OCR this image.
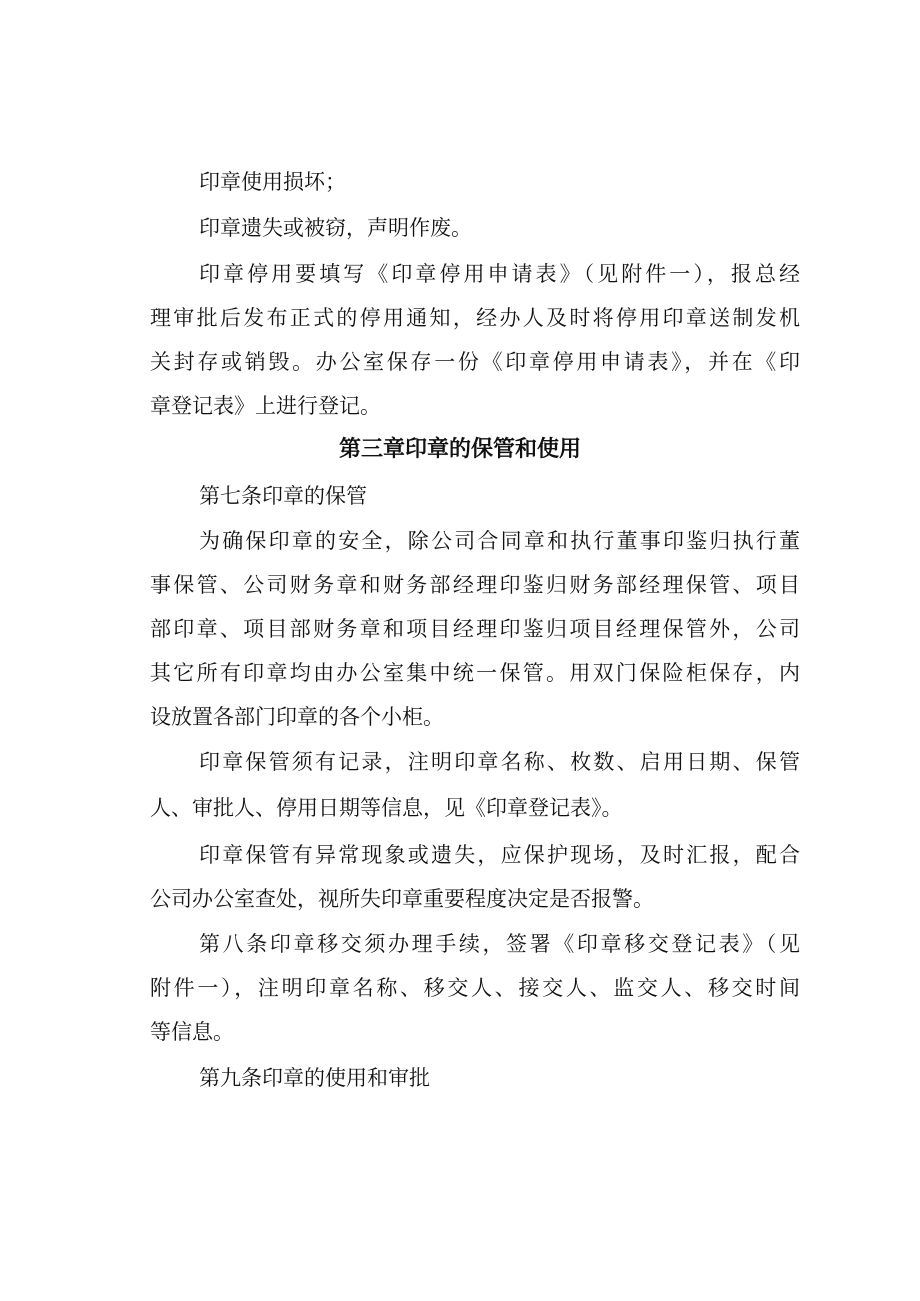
印章使用损坏；
印章遗失或被窃，声明作废。
印章停用要填写《印章停用申请表》（见附件一），报总经
理审批后发布正式的停用通知，经办人及时将停用印章送制发机
关封存或销毁。办公室保存一份《印章停用申请表》，并在《印
章登记表》上进行登记。
第三章印章的保管和使用
第七条印章的保管
为确保印章的安全，除公司合同章和执行董事印鉴归执行董
事保管、公司财务章和财务部经理印鉴归财务部经理保管、项目
部印章、项目部财务章和项目经理印鉴归项目经理保管外，公司
其它所有印章均由办公室集中统一保管。用双门保险柜保存，内
设放置各部门印章的各个小柜。
印章保管须有记录，注明印章名称、枚数、启用日期、保管
人、审批人、停用日期等信息，见《印章登记表》。
印章保管有异常现象或遗失，应保护现场，及时汇报，配合
公司办公室查处，视所失印章重要程度决定是否报警。
第八条印章移交须办理手续，签署《印章移交登记表》（见
附件一），注明印章名称、移交人、接交人、监交人、移交时间
等信息。
第九条印章的使用和审批
